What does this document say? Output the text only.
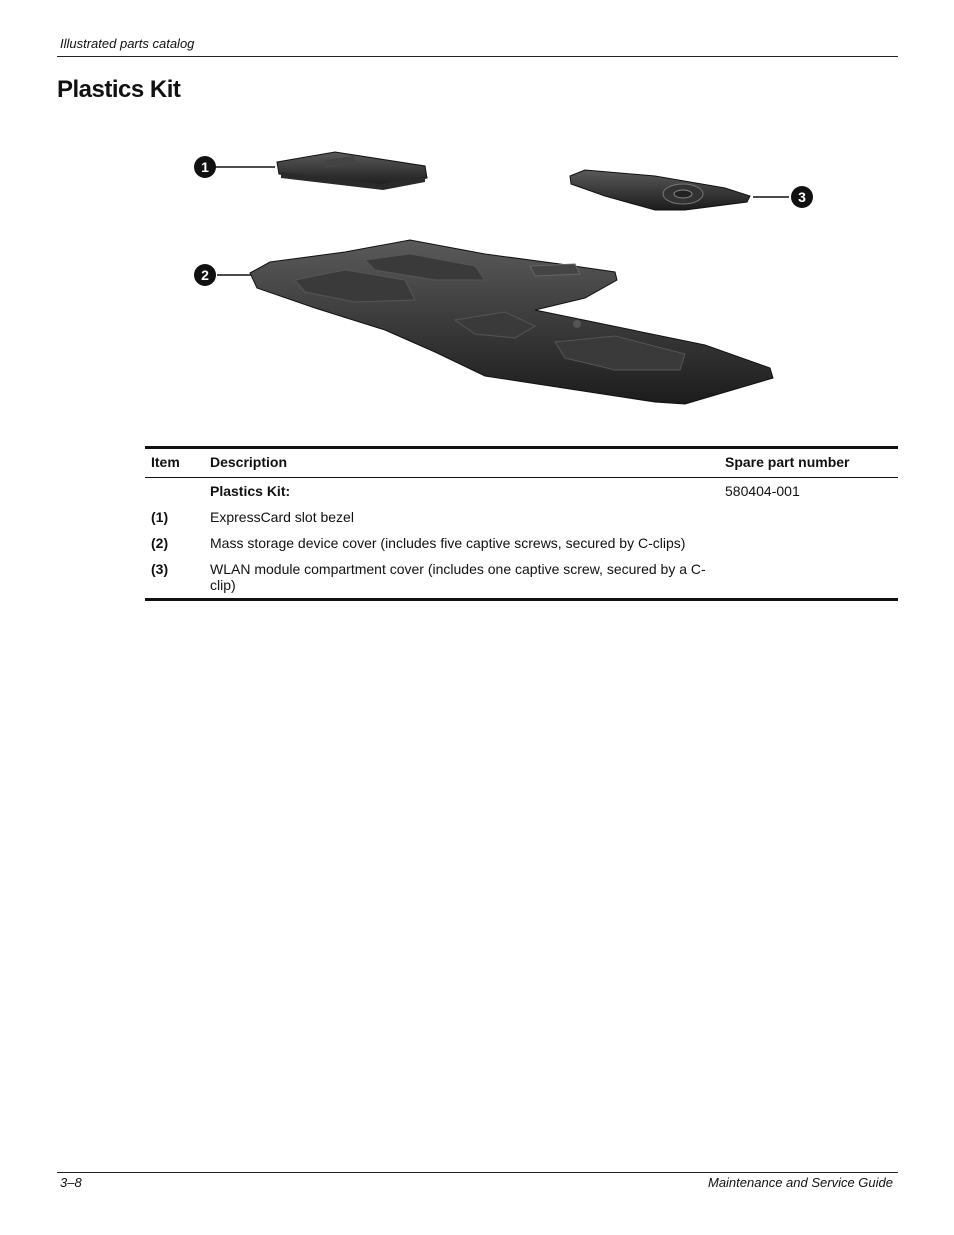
Illustrated parts catalog
Plastics Kit
1
3
2
Item	Description	Spare part number
	Plastics Kit:	580404-001
(1)	ExpressCard slot bezel	
(2)	Mass storage device cover (includes five captive screws, secured by C-clips)	
(3)	WLAN module compartment cover (includes one captive screw, secured by a C-clip)	
3–8	Maintenance and Service Guide
